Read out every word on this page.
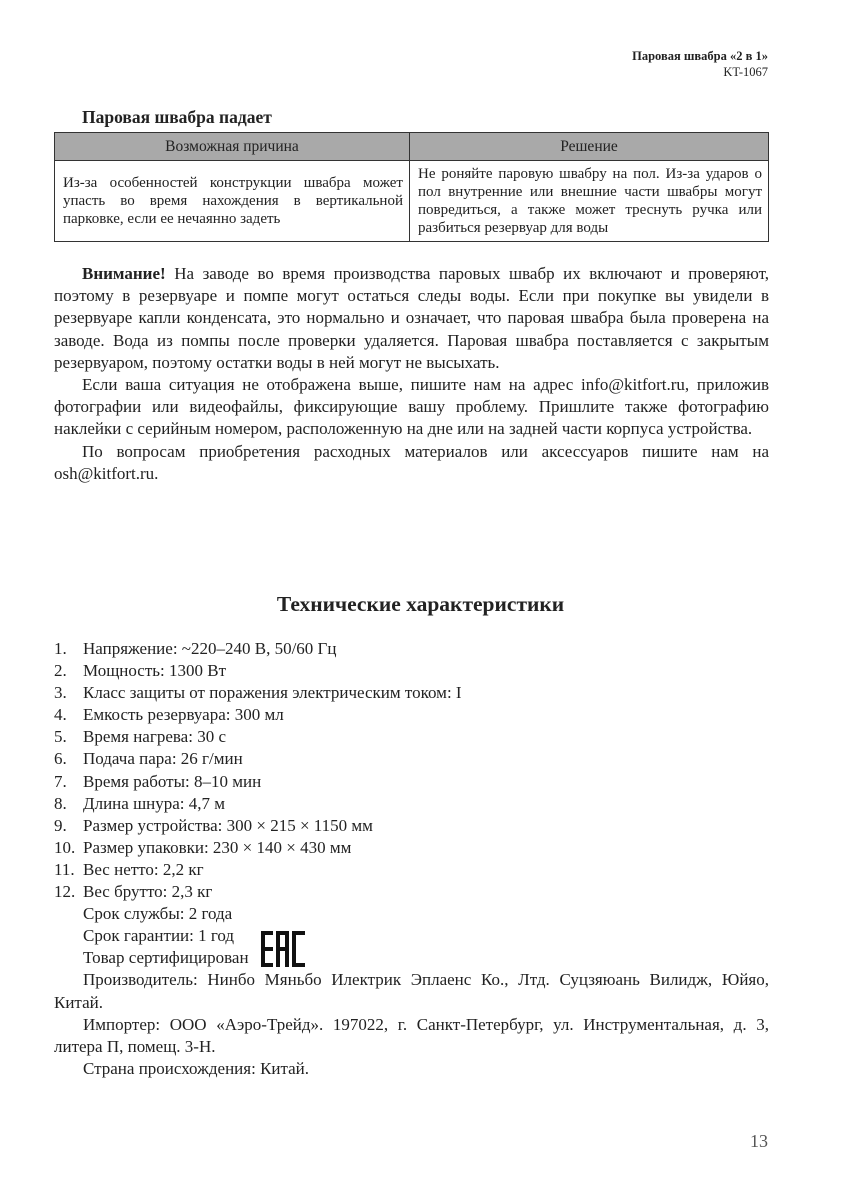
Паровая швабра «2 в 1»
KT-1067
Паровая швабра падает
Возможная причина	Решение
Из-за особенностей конструкции швабра может упасть во время нахождения в вертикальной парковке, если ее нечаянно задеть	Не роняйте паровую швабру на пол. Из-за ударов о пол внутренние или внешние части швабры могут повредиться, а также может треснуть ручка или разбиться резервуар для воды

Внимание! На заводе во время производства паровых швабр их включают и проверяют, поэтому в резервуаре и помпе могут остаться следы воды. Если при покупке вы увидели в резервуаре капли конденсата, это нормально и означает, что паровая швабра была проверена на заводе. Вода из помпы после проверки удаляется. Паровая швабра поставляется с закрытым резервуаром, поэтому остатки воды в ней могут не высыхать.

Если ваша ситуация не отображена выше, пишите нам на адрес info@kitfort.ru, приложив фотографии или видеофайлы, фиксирующие вашу проблему. Пришлите также фотографию наклейки с серийным номером, расположенную на дне или на задней части корпуса устройства.

По вопросам приобретения расходных материалов или аксессуаров пишите нам на osh@kitfort.ru.

Технические характеристики
1. Напряжение: ~220–240 В, 50/60 Гц
2. Мощность: 1300 Вт
3. Класс защиты от поражения электрическим током: I
4. Емкость резервуара: 300 мл
5. Время нагрева: 30 с
6. Подача пара: 26 г/мин
7. Время работы: 8–10 мин
8. Длина шнура: 4,7 м
9. Размер устройства: 300 × 215 × 1150 мм
10. Размер упаковки: 230 × 140 × 430 мм
11. Вес нетто: 2,2 кг
12. Вес брутто: 2,3 кг
Срок службы: 2 года
Срок гарантии: 1 год
Товар сертифицирован

Производитель: Нинбо Мяньбо Илектрик Эплаенс Ко., Лтд. Суцзяюань Вилидж, Юйяо, Китай.

Импортер: ООО «Аэро-Трейд». 197022, г. Санкт-Петербург, ул. Инструментальная, д. 3, литера П, помещ. 3-Н.

Страна происхождения: Китай.

13
